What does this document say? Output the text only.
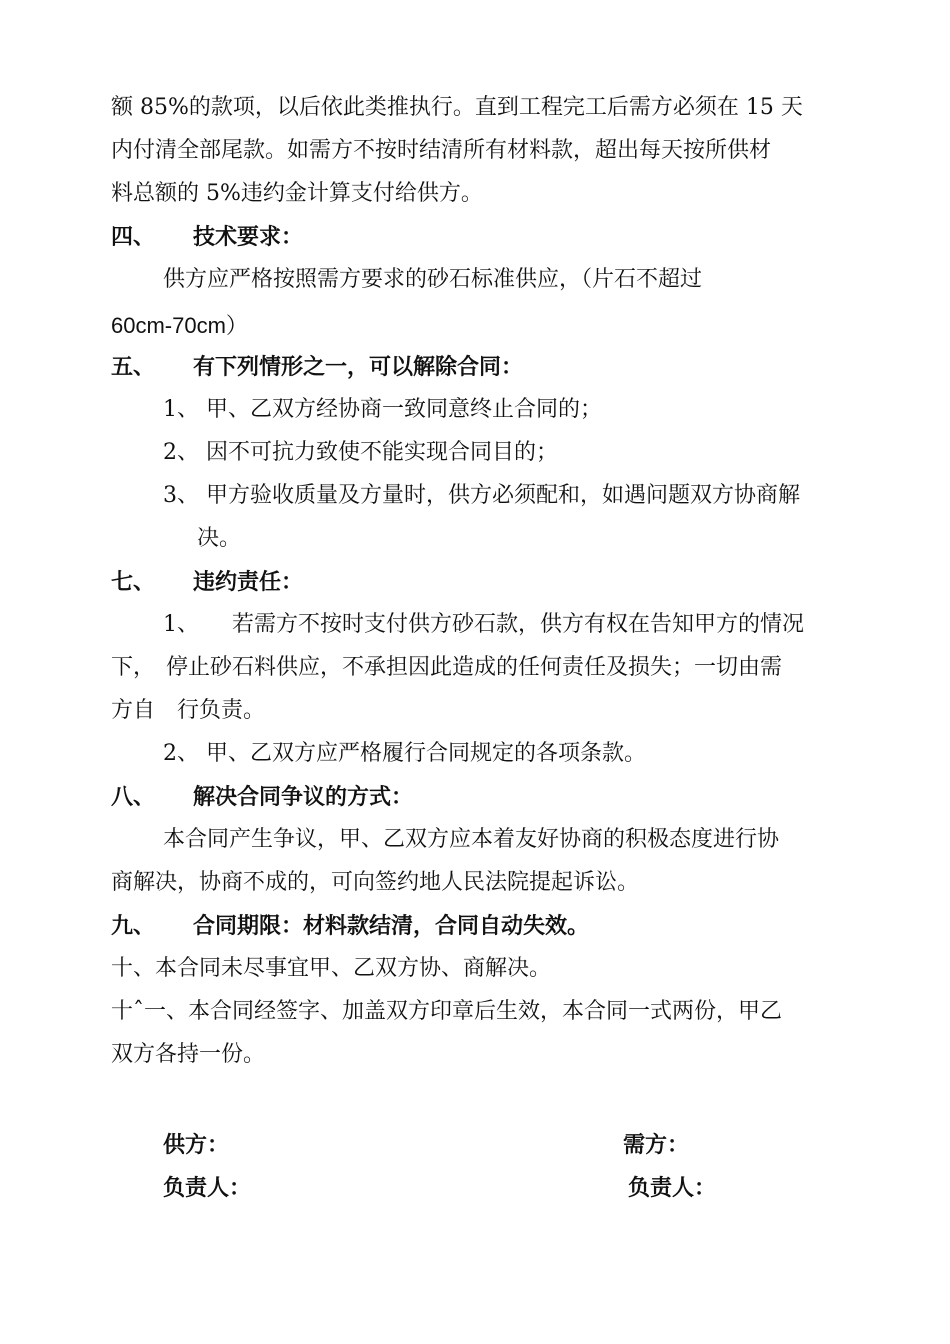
额 85%的款项，以后依此类推执行。直到工程完工后需方必须在 15 天
内付清全部尾款。如需方不按时结清所有材料款，超出每天按所供材
料总额的 5%违约金计算支付给供方。
四、 技术要求：
供方应严格按照需方要求的砂石标准供应，（片石不超过
60cm-70cm）
五、 有下列情形之一，可以解除合同：
1、 甲、乙双方经协商一致同意终止合同的；
2、 因不可抗力致使不能实现合同目的；
3、 甲方验收质量及方量时，供方必须配和，如遇问题双方协商解
决。
七、 违约责任：
1、　　若需方不按时支付供方砂石款，供方有权在告知甲方的情况
下，　停止砂石料供应，不承担因此造成的任何责任及损失；一切由需
方自　行负责。
2、 甲、乙双方应严格履行合同规定的各项条款。
八、 解决合同争议的方式：
本合同产生争议，甲、乙双方应本着友好协商的积极态度进行协
商解决，协商不成的，可向签约地人民法院提起诉讼。
九、 合同期限：材料款结清，合同自动失效。
十、本合同未尽事宜甲、乙双方协、商解决。
十ˆ一、本合同经签字、加盖双方印章后生效，本合同一式两份，甲乙
双方各持一份。
供方：	需方：
负责人：	负责人：
